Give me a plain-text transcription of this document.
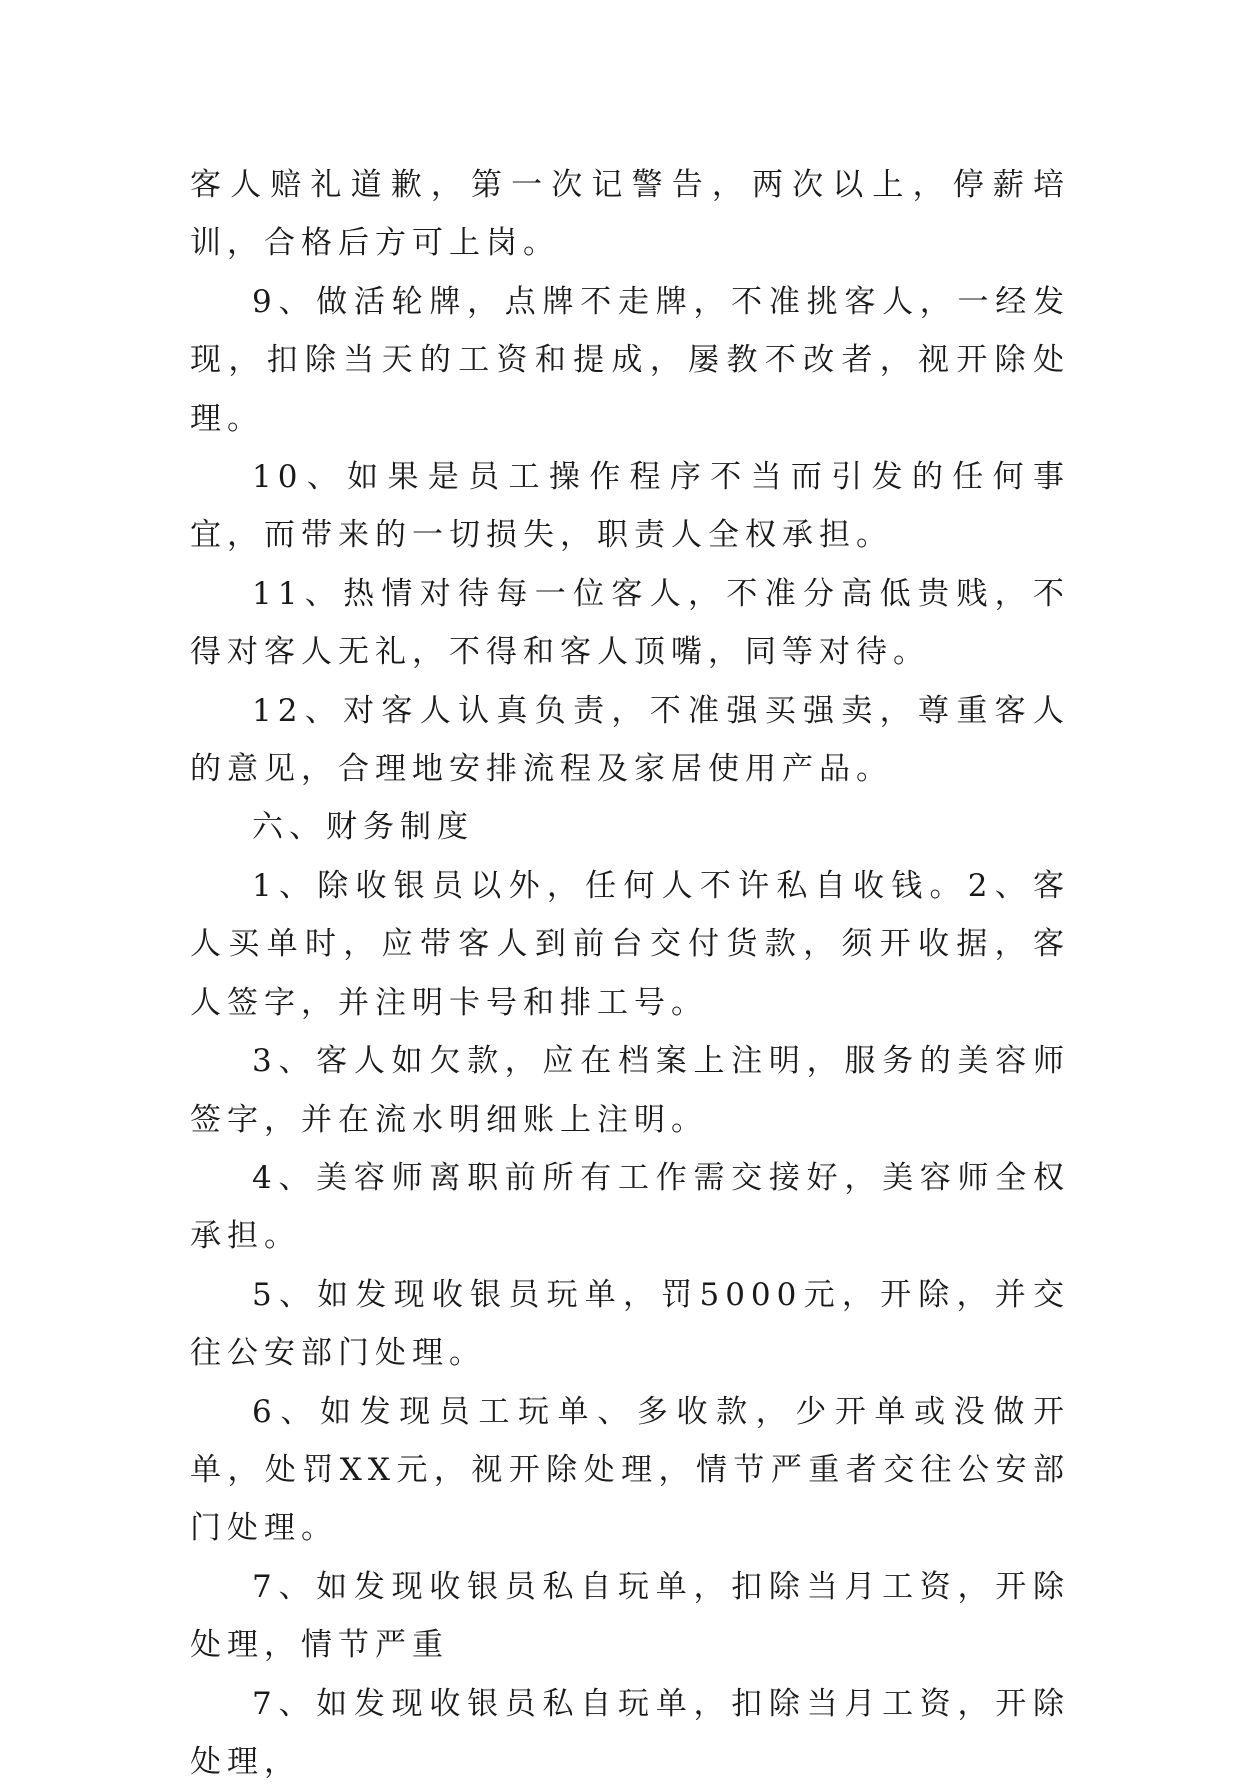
客人赔礼道歉，第一次记警告，两次以上，停薪培训，合格后方可上岗。

9、做活轮牌，点牌不走牌，不准挑客人，一经发现，扣除当天的工资和提成，屡教不改者，视开除处理。

10、如果是员工操作程序不当而引发的任何事宜，而带来的一切损失，职责人全权承担。

11、热情对待每一位客人，不准分高低贵贱，不得对客人无礼，不得和客人顶嘴，同等对待。

12、对客人认真负责，不准强买强卖，尊重客人的意见，合理地安排流程及家居使用产品。

六、财务制度

1、除收银员以外，任何人不许私自收钱。2、客人买单时，应带客人到前台交付货款，须开收据，客人签字，并注明卡号和排工号。

3、客人如欠款，应在档案上注明，服务的美容师签字，并在流水明细账上注明。

4、美容师离职前所有工作需交接好，美容师全权承担。

5、如发现收银员玩单，罚5000元，开除，并交往公安部门处理。

6、如发现员工玩单、多收款，少开单或没做开单，处罚XX元，视开除处理，情节严重者交往公安部门处理。

7、如发现收银员私自玩单，扣除当月工资，开除处理，情节严重

7、如发现收银员私自玩单，扣除当月工资，开除处理，
